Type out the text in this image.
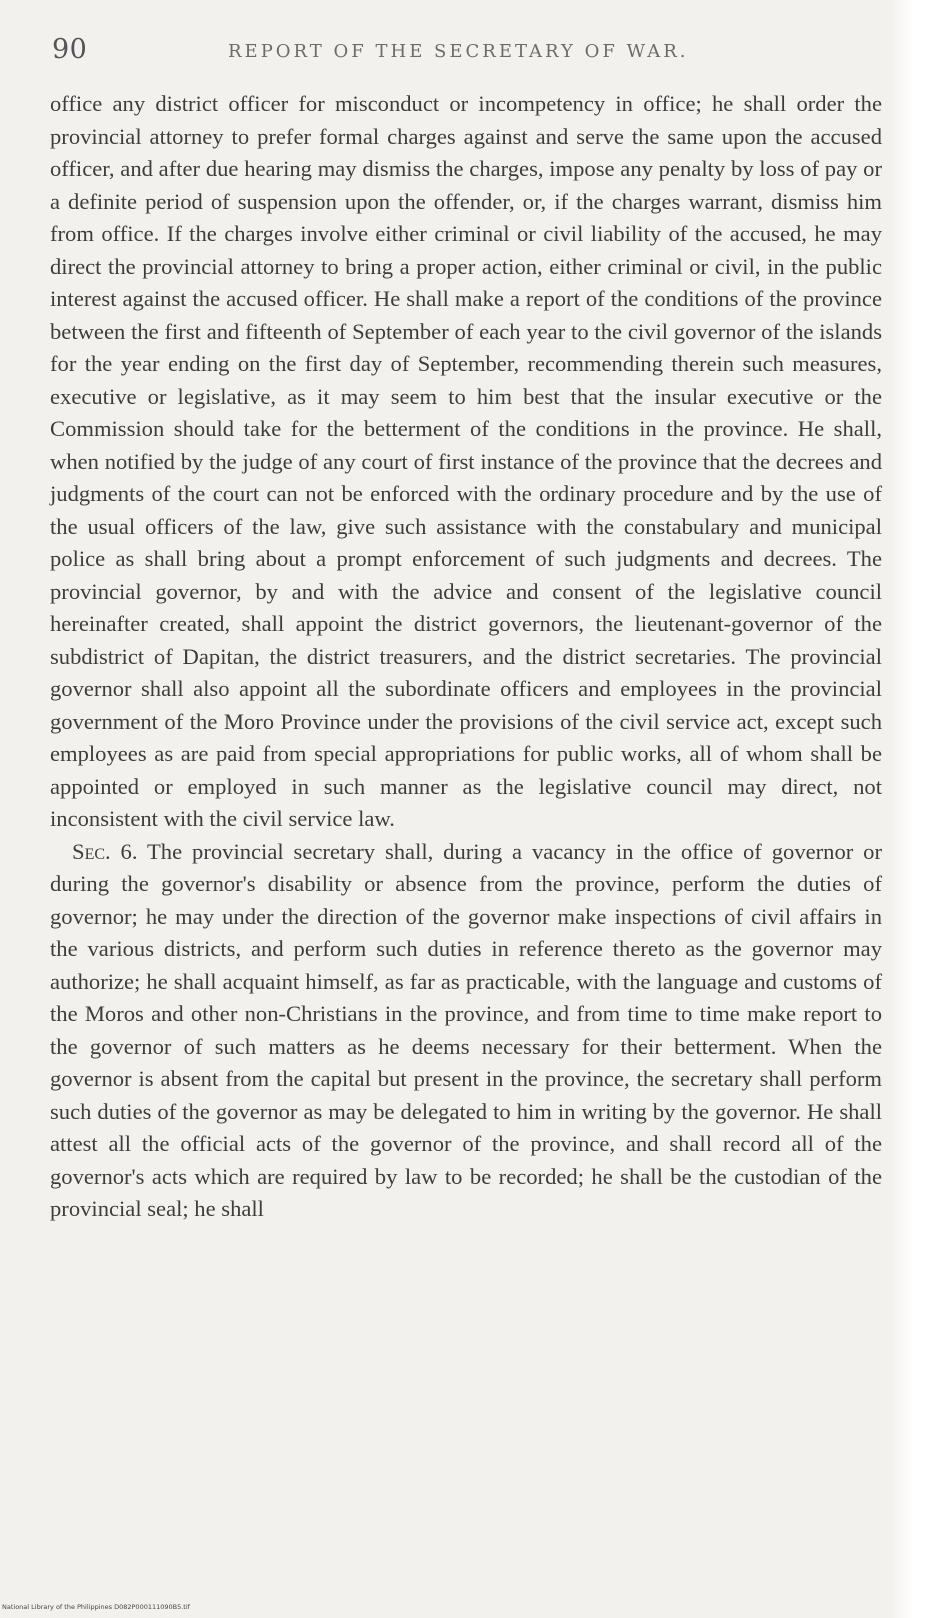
90	REPORT OF THE SECRETARY OF WAR.

office any district officer for misconduct or incompetency in office; he shall order the provincial attorney to prefer formal charges against and serve the same upon the accused officer, and after due hearing may dismiss the charges, impose any penalty by loss of pay or a definite period of suspension upon the offender, or, if the charges warrant, dismiss him from office. If the charges involve either criminal or civil liability of the accused, he may direct the provincial attorney to bring a proper action, either criminal or civil, in the public interest against the accused officer. He shall make a report of the conditions of the province between the first and fifteenth of September of each year to the civil governor of the islands for the year ending on the first day of September, recommending therein such measures, executive or legislative, as it may seem to him best that the insular executive or the Commission should take for the betterment of the conditions in the province. He shall, when notified by the judge of any court of first instance of the province that the decrees and judgments of the court can not be enforced with the ordinary procedure and by the use of the usual officers of the law, give such assistance with the constabulary and municipal police as shall bring about a prompt enforcement of such judgments and decrees. The provincial governor, by and with the advice and consent of the legislative council hereinafter created, shall appoint the district governors, the lieutenant-governor of the subdistrict of Dapitan, the district treasurers, and the district secretaries. The provincial governor shall also appoint all the subordinate officers and employees in the provincial government of the Moro Province under the provisions of the civil service act, except such employees as are paid from special appropriations for public works, all of whom shall be appointed or employed in such manner as the legislative council may direct, not inconsistent with the civil service law.

Sec. 6. The provincial secretary shall, during a vacancy in the office of governor or during the governor's disability or absence from the province, perform the duties of governor; he may under the direction of the governor make inspections of civil affairs in the various districts, and perform such duties in reference thereto as the governor may authorize; he shall acquaint himself, as far as practicable, with the language and customs of the Moros and other non-Christians in the province, and from time to time make report to the governor of such matters as he deems necessary for their betterment. When the governor is absent from the capital but present in the province, the secretary shall perform such duties of the governor as may be delegated to him in writing by the governor. He shall attest all the official acts of the governor of the province, and shall record all of the governor's acts which are required by law to be recorded; he shall be the custodian of the provincial seal; he shall

National Library of the Philippines D082P000111090B5.tif
